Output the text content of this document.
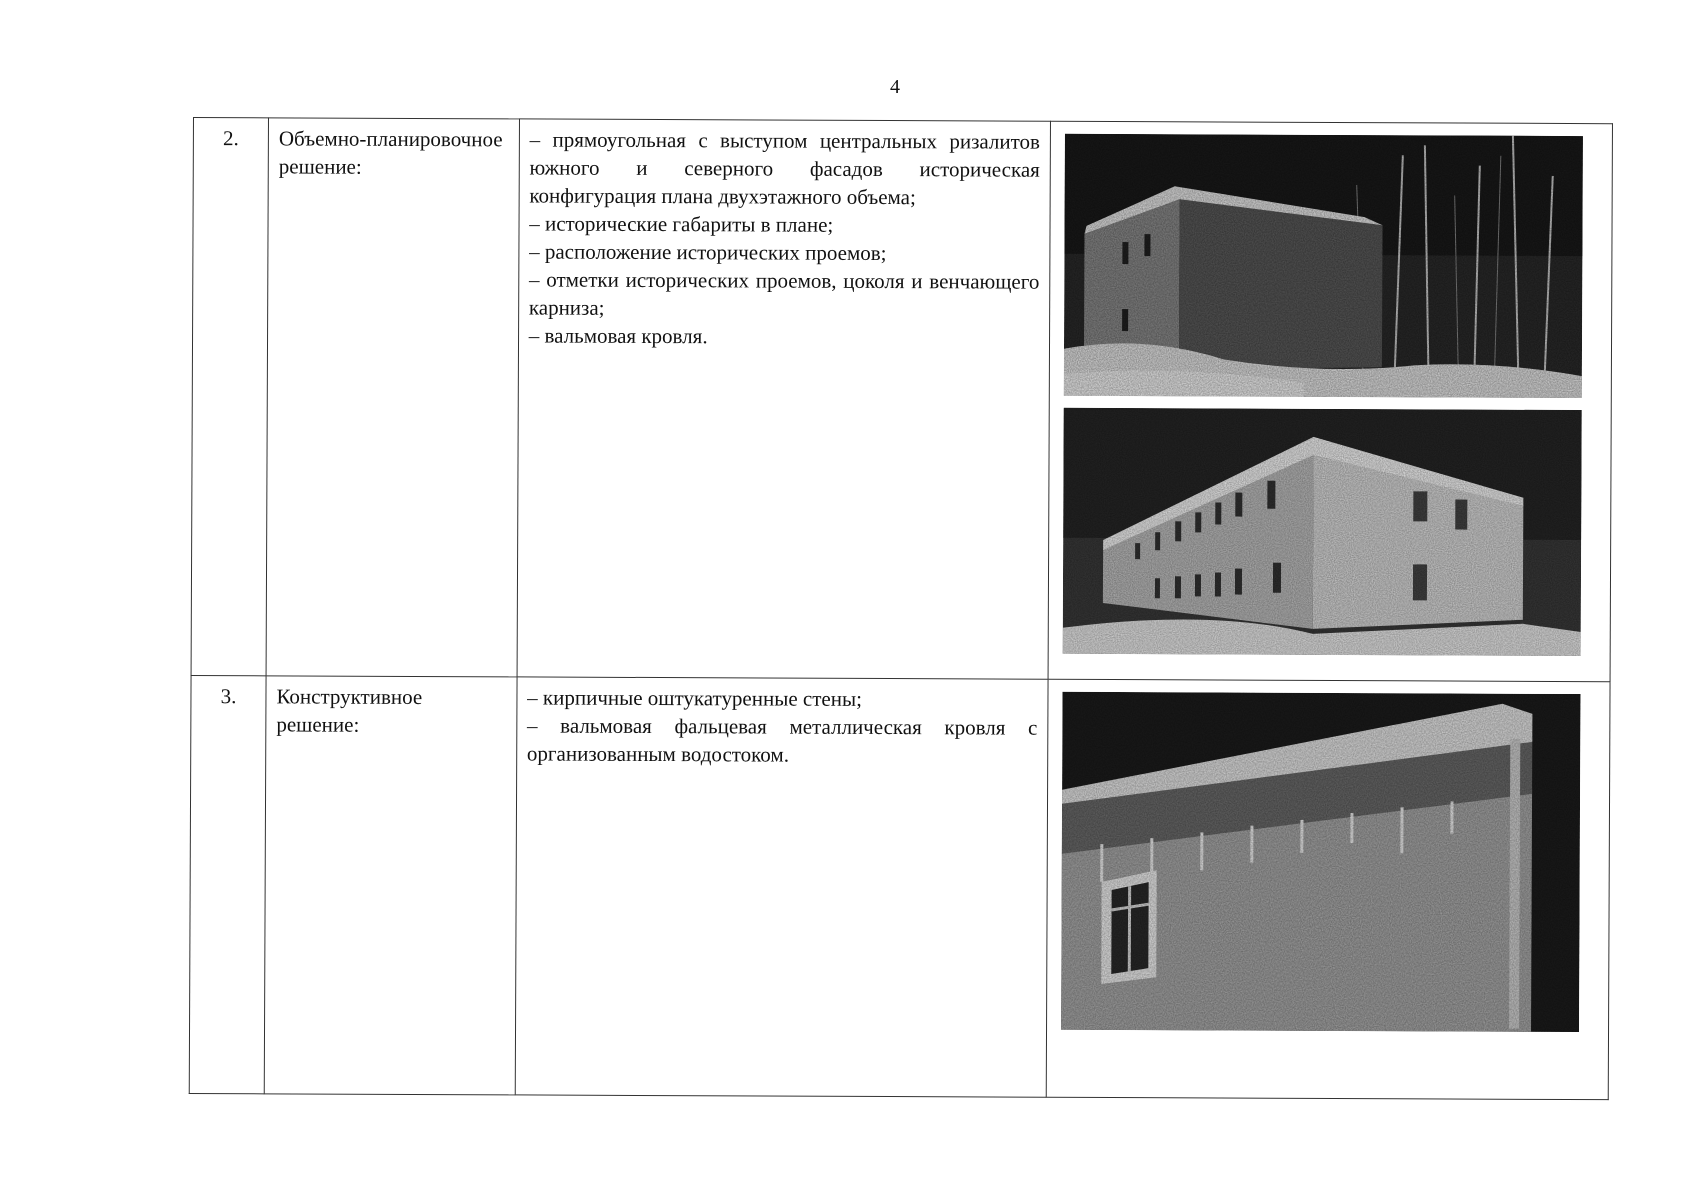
4
2.	Объемно-планировочное решение:	– прямоугольная с выступом центральных ризалитов южного и северного фасадов историческая конфигурация плана двухэтажного объема;
– исторические габариты в плане;
– расположение исторических проемов;
– отметки исторических проемов, цоколя и венчающего карниза;
– вальмовая кровля.

3.	Конструктивное решение:	– кирпичные оштукатуренные стены;
– вальмовая фальцевая металлическая кровля с организованным водостоком.
